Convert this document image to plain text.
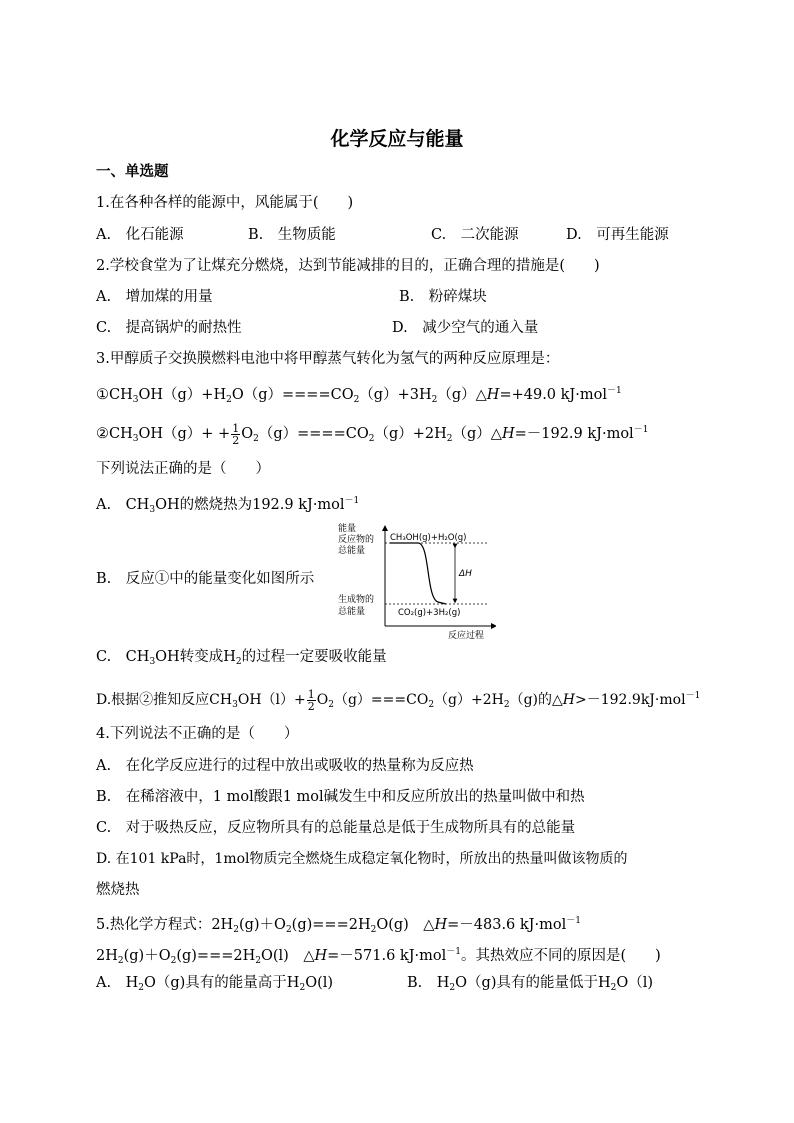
化学反应与能量
一、单选题
1.在各种各样的能源中，风能属于(　　)
A.　化石能源	B.　生物质能	C.　二次能源	D.　可再生能源
2.学校食堂为了让煤充分燃烧，达到节能减排的目的，正确合理的措施是(　　)
A.　增加煤的用量	B.　粉碎煤块
C.　提高锅炉的耐热性	D.　减少空气的通入量
3.甲醇质子交换膜燃料电池中将甲醇蒸气转化为氢气的两种反应原理是：
$①CH_3OH(g)+H_2O(g)====CO_2(g)+3H_2(g)\triangle H=+49.0$ kJ·mol$^{-1}$
$②CH_3OH(g)+ + \frac{1}{2}$ $O_2(g)====CO_2(g)+2H_2(g)\triangle H=-192.9$ kJ·mol$^{-1}$
下列说法正确的是（　　）
A.　$CH_3OH$的燃烧热为192.9 kJ·mol$^{-1}$
B.　反应①中的能量变化如图所示
能量
反应物的
总能量
CH₃OH(g)+H₂O(g)
ΔH
生成物的
总能量	CO₂(g)+3H₂(g)
反应过程
C.　$CH_3OH$转变成$H_2$的过程一定要吸收能量
D.根据②推知反应$CH_3OH(l)+ \frac{1}{2} O_2(g)===CO_2(g)+2H_2(g)$的△H>－192.9kJ·mol$^{-1}$
4.下列说法不正确的是（　　）
A.　在化学反应进行的过程中放出或吸收的热量称为反应热
B.　在稀溶液中，1 mol酸跟1 mol碱发生中和反应所放出的热量叫做中和热
C.　对于吸热反应，反应物所具有的总能量总是低于生成物所具有的总能量
D. 在101 kPa时，1mol物质完全燃烧生成稳定氧化物时，所放出的热量叫做该物质的
燃烧热
5.热化学方程式：$2H_2(g)+O_2(g)===2H_2O(g)$　△H=－483.6 kJ·mol$^{-1}$
$2H_2(g)+O_2(g)===2H_2O(l)$　△H=－571.6 kJ·mol$^{-1}$。其热效应不同的原因是(　　)
A.　$H_2O(g)$具有的能量高于$H_2O(l)$	B.　$H_2O(g)$具有的能量低于$H_2O(l)$
